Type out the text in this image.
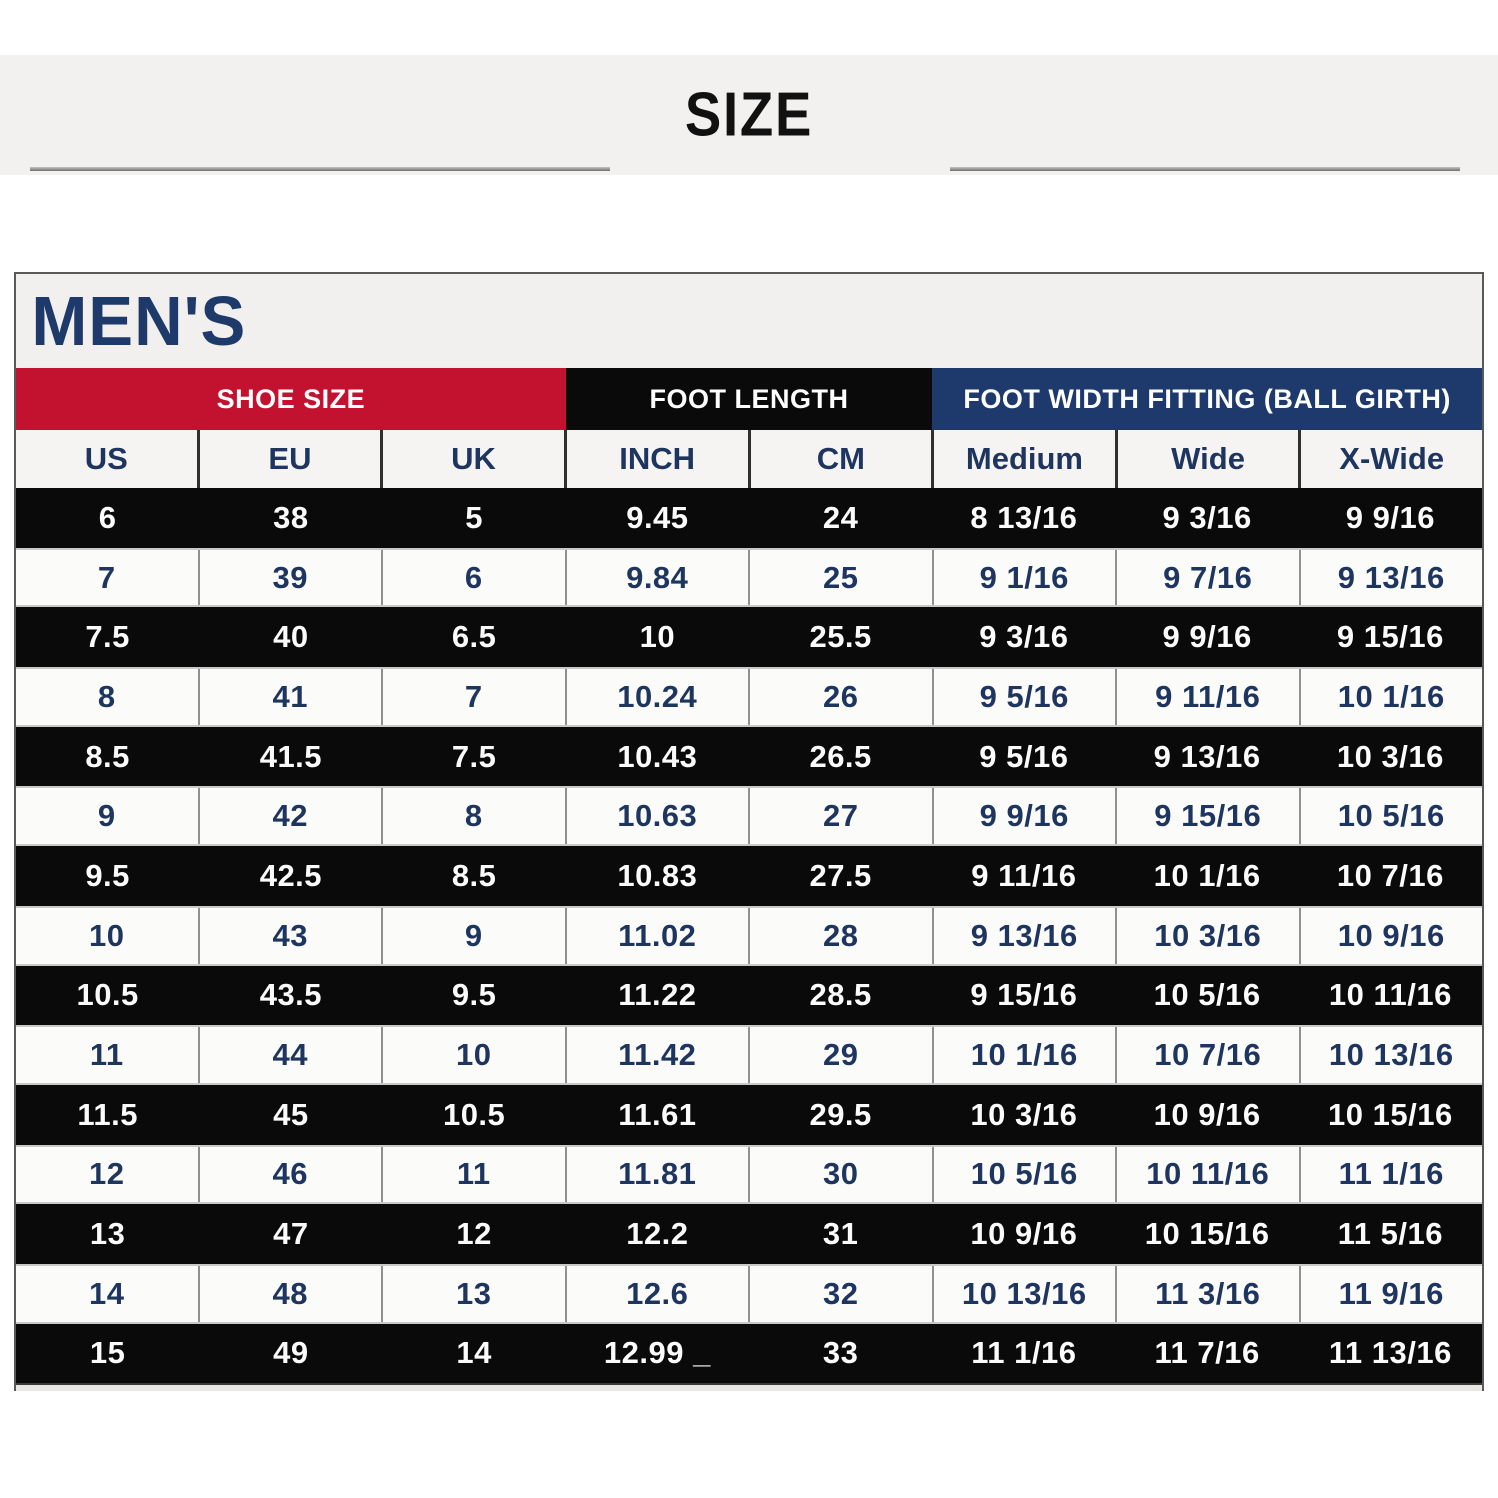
SIZE
MEN'S
SHOE SIZE	FOOT LENGTH	FOOT WIDTH FITTING (BALL GIRTH)
US	EU	UK	INCH	CM	Medium	Wide	X-Wide
6	38	5	9.45	24	8 13/16	9 3/16	9 9/16
7	39	6	9.84	25	9 1/16	9 7/16	9 13/16
7.5	40	6.5	10	25.5	9 3/16	9 9/16	9 15/16
8	41	7	10.24	26	9 5/16	9 11/16	10 1/16
8.5	41.5	7.5	10.43	26.5	9 5/16	9 13/16	10 3/16
9	42	8	10.63	27	9 9/16	9 15/16	10 5/16
9.5	42.5	8.5	10.83	27.5	9 11/16	10 1/16	10 7/16
10	43	9	11.02	28	9 13/16	10 3/16	10 9/16
10.5	43.5	9.5	11.22	28.5	9 15/16	10 5/16	10 11/16
11	44	10	11.42	29	10 1/16	10 7/16	10 13/16
11.5	45	10.5	11.61	29.5	10 3/16	10 9/16	10 15/16
12	46	11	11.81	30	10 5/16	10 11/16	11 1/16
13	47	12	12.2	31	10 9/16	10 15/16	11 5/16
14	48	13	12.6	32	10 13/16	11 3/16	11 9/16
15	49	14	12.99 _	33	11 1/16	11 7/16	11 13/16
